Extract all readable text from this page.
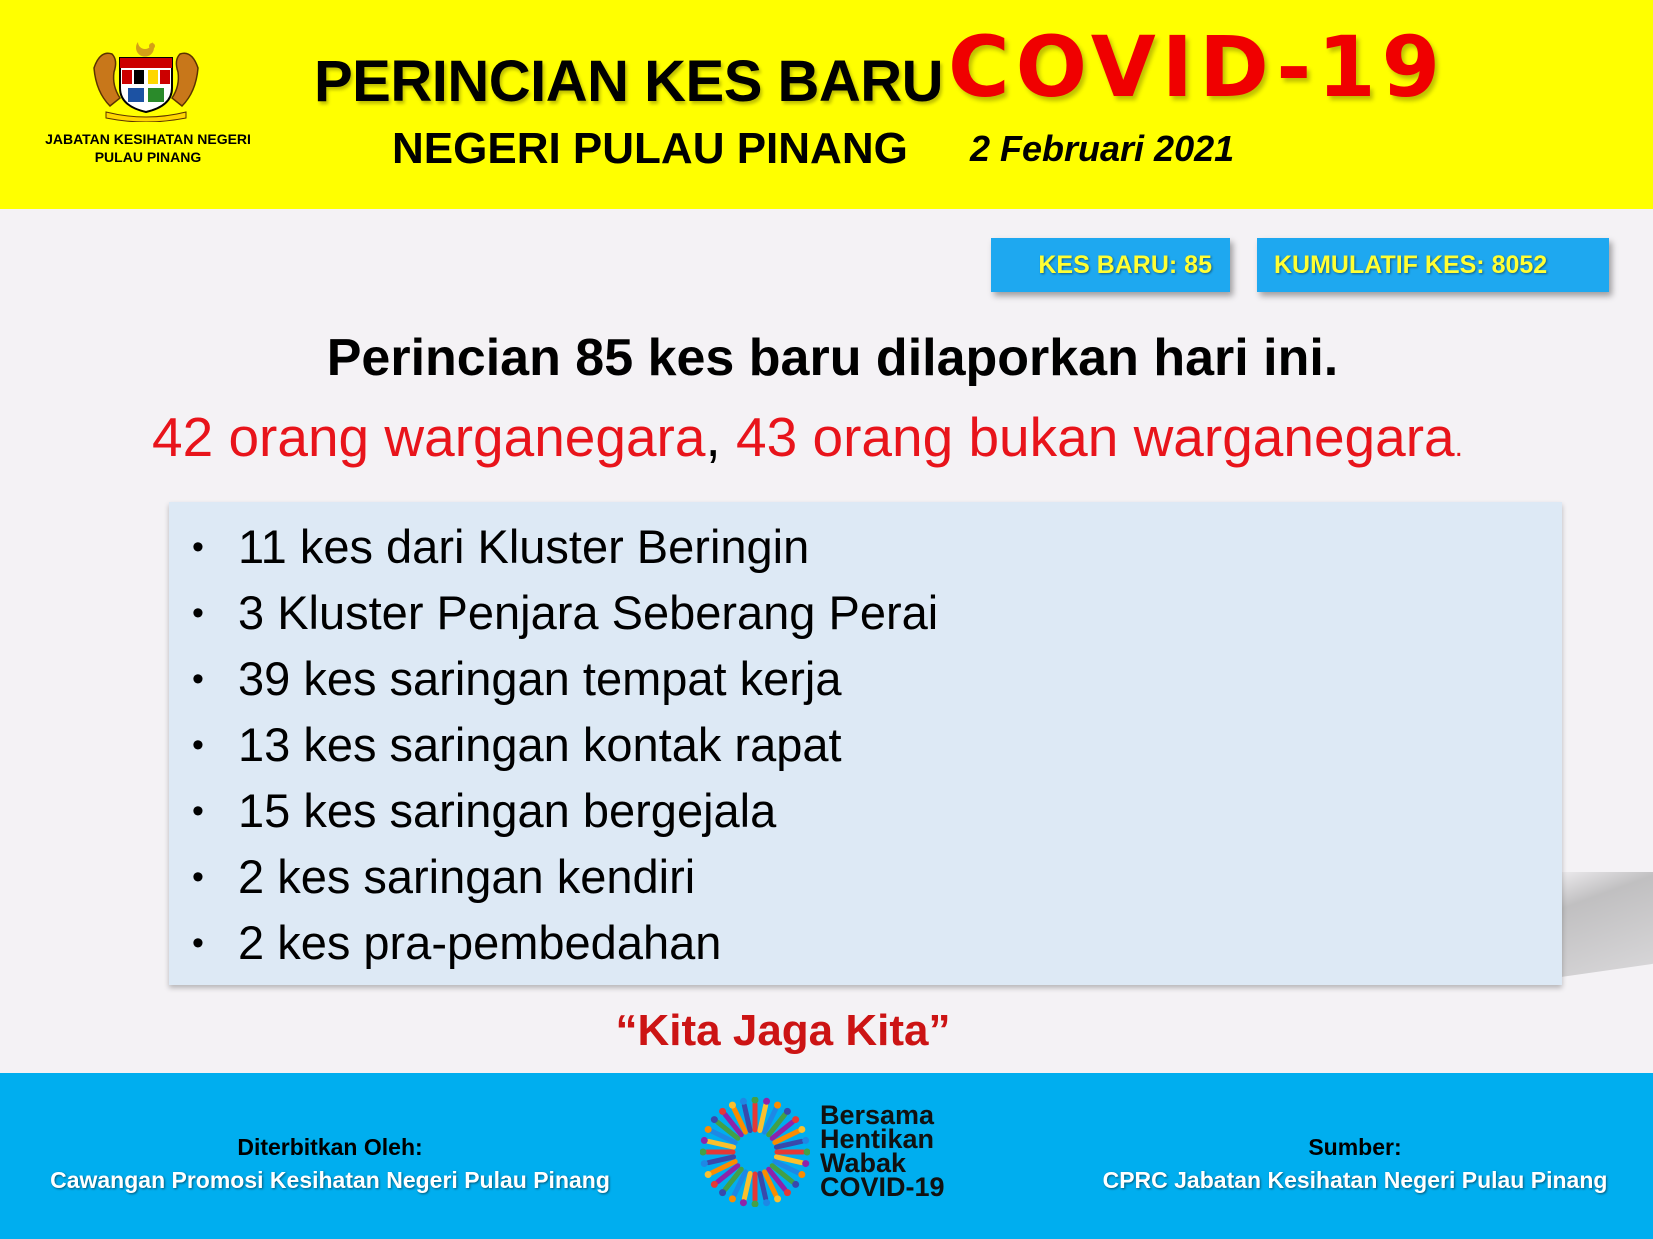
JABATAN KESIHATAN NEGERI
PULAU PINANG
PERINCIAN KES BARU COVID-19
NEGERI PULAU PINANG 2 Februari 2021
KES BARU: 85 KUMULATIF KES: 8052
Perincian 85 kes baru dilaporkan hari ini.
42 orang warganegara, 43 orang bukan warganegara.
• 11 kes dari Kluster Beringin
• 3 Kluster Penjara Seberang Perai
• 39 kes saringan tempat kerja
• 13 kes saringan kontak rapat
• 15 kes saringan bergejala
• 2 kes saringan kendiri
• 2 kes pra-pembedahan
“Kita Jaga Kita”
Diterbitkan Oleh:
Cawangan Promosi Kesihatan Negeri Pulau Pinang
Bersama
Hentikan
Wabak
COVID-19
Sumber:
CPRC Jabatan Kesihatan Negeri Pulau Pinang
